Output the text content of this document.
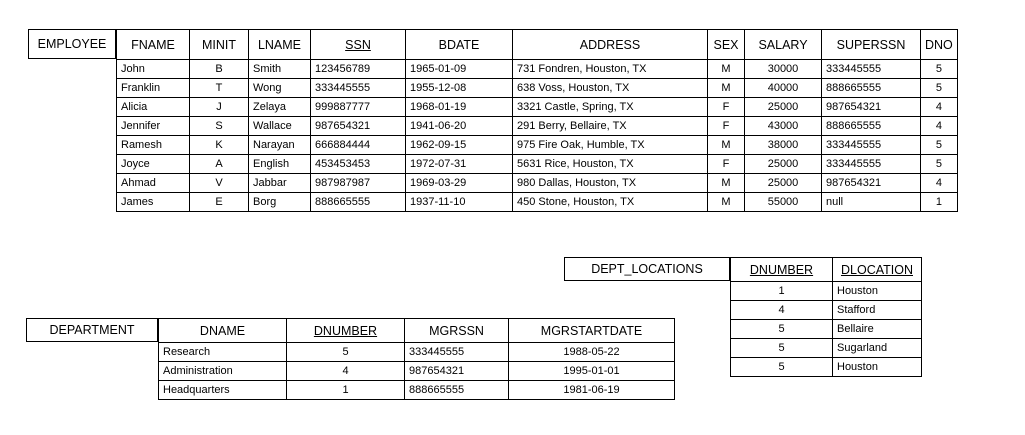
EMPLOYEE	FNAME	MINIT	LNAME	SSN	BDATE	ADDRESS	SEX	SALARY	SUPERSSN	DNO
John	B	Smith	123456789	1965-01-09	731 Fondren, Houston, TX	M	30000	333445555	5
Franklin	T	Wong	333445555	1955-12-08	638 Voss, Houston, TX	M	40000	888665555	5
Alicia	J	Zelaya	999887777	1968-01-19	3321 Castle, Spring, TX	F	25000	987654321	4
Jennifer	S	Wallace	987654321	1941-06-20	291 Berry, Bellaire, TX	F	43000	888665555	4
Ramesh	K	Narayan	666884444	1962-09-15	975 Fire Oak, Humble, TX	M	38000	333445555	5
Joyce	A	English	453453453	1972-07-31	5631 Rice, Houston, TX	F	25000	333445555	5
Ahmad	V	Jabbar	987987987	1969-03-29	980 Dallas, Houston, TX	M	25000	987654321	4
James	E	Borg	888665555	1937-11-10	450 Stone, Houston, TX	M	55000	null	1
DEPT_LOCATIONS	DNUMBER	DLOCATION
1	Houston
4	Stafford
5	Bellaire
5	Sugarland
5	Houston
DEPARTMENT	DNAME	DNUMBER	MGRSSN	MGRSTARTDATE
Research	5	333445555	1988-05-22
Administration	4	987654321	1995-01-01
Headquarters	1	888665555	1981-06-19
